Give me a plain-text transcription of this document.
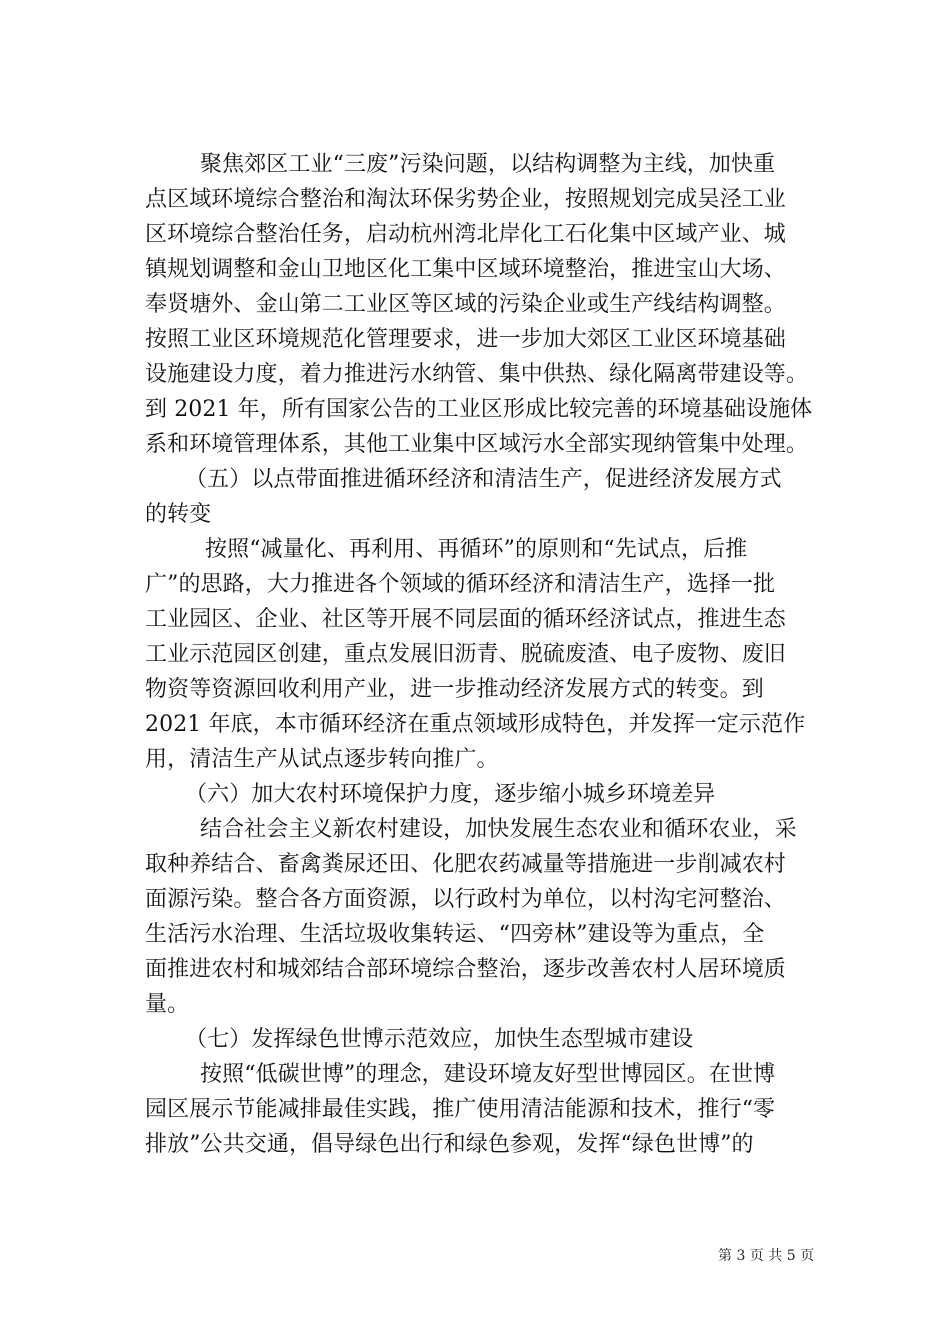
聚焦郊区工业“三废”污染问题，以结构调整为主线，加快重
点区域环境综合整治和淘汰环保劣势企业，按照规划完成吴泾工业
区环境综合整治任务，启动杭州湾北岸化工石化集中区域产业、城
镇规划调整和金山卫地区化工集中区域环境整治，推进宝山大场、
奉贤塘外、金山第二工业区等区域的污染企业或生产线结构调整。
按照工业区环境规范化管理要求，进一步加大郊区工业区环境基础
设施建设力度，着力推进污水纳管、集中供热、绿化隔离带建设等。
到 2021 年，所有国家公告的工业区形成比较完善的环境基础设施体
系和环境管理体系，其他工业集中区域污水全部实现纳管集中处理。
（五）以点带面推进循环经济和清洁生产，促进经济发展方式
的转变
按照“减量化、再利用、再循环”的原则和“先试点，后推
广”的思路，大力推进各个领域的循环经济和清洁生产，选择一批
工业园区、企业、社区等开展不同层面的循环经济试点，推进生态
工业示范园区创建，重点发展旧沥青、脱硫废渣、电子废物、废旧
物资等资源回收利用产业，进一步推动经济发展方式的转变。到
2021 年底，本市循环经济在重点领域形成特色，并发挥一定示范作
用，清洁生产从试点逐步转向推广。
（六）加大农村环境保护力度，逐步缩小城乡环境差异
结合社会主义新农村建设，加快发展生态农业和循环农业，采
取种养结合、畜禽粪尿还田、化肥农药减量等措施进一步削减农村
面源污染。整合各方面资源，以行政村为单位，以村沟宅河整治、
生活污水治理、生活垃圾收集转运、“四旁林”建设等为重点，全
面推进农村和城郊结合部环境综合整治，逐步改善农村人居环境质
量。
（七）发挥绿色世博示范效应，加快生态型城市建设
按照“低碳世博”的理念，建设环境友好型世博园区。在世博
园区展示节能减排最佳实践，推广使用清洁能源和技术，推行“零
排放”公共交通，倡导绿色出行和绿色参观，发挥“绿色世博”的
第 3 页 共 5 页
